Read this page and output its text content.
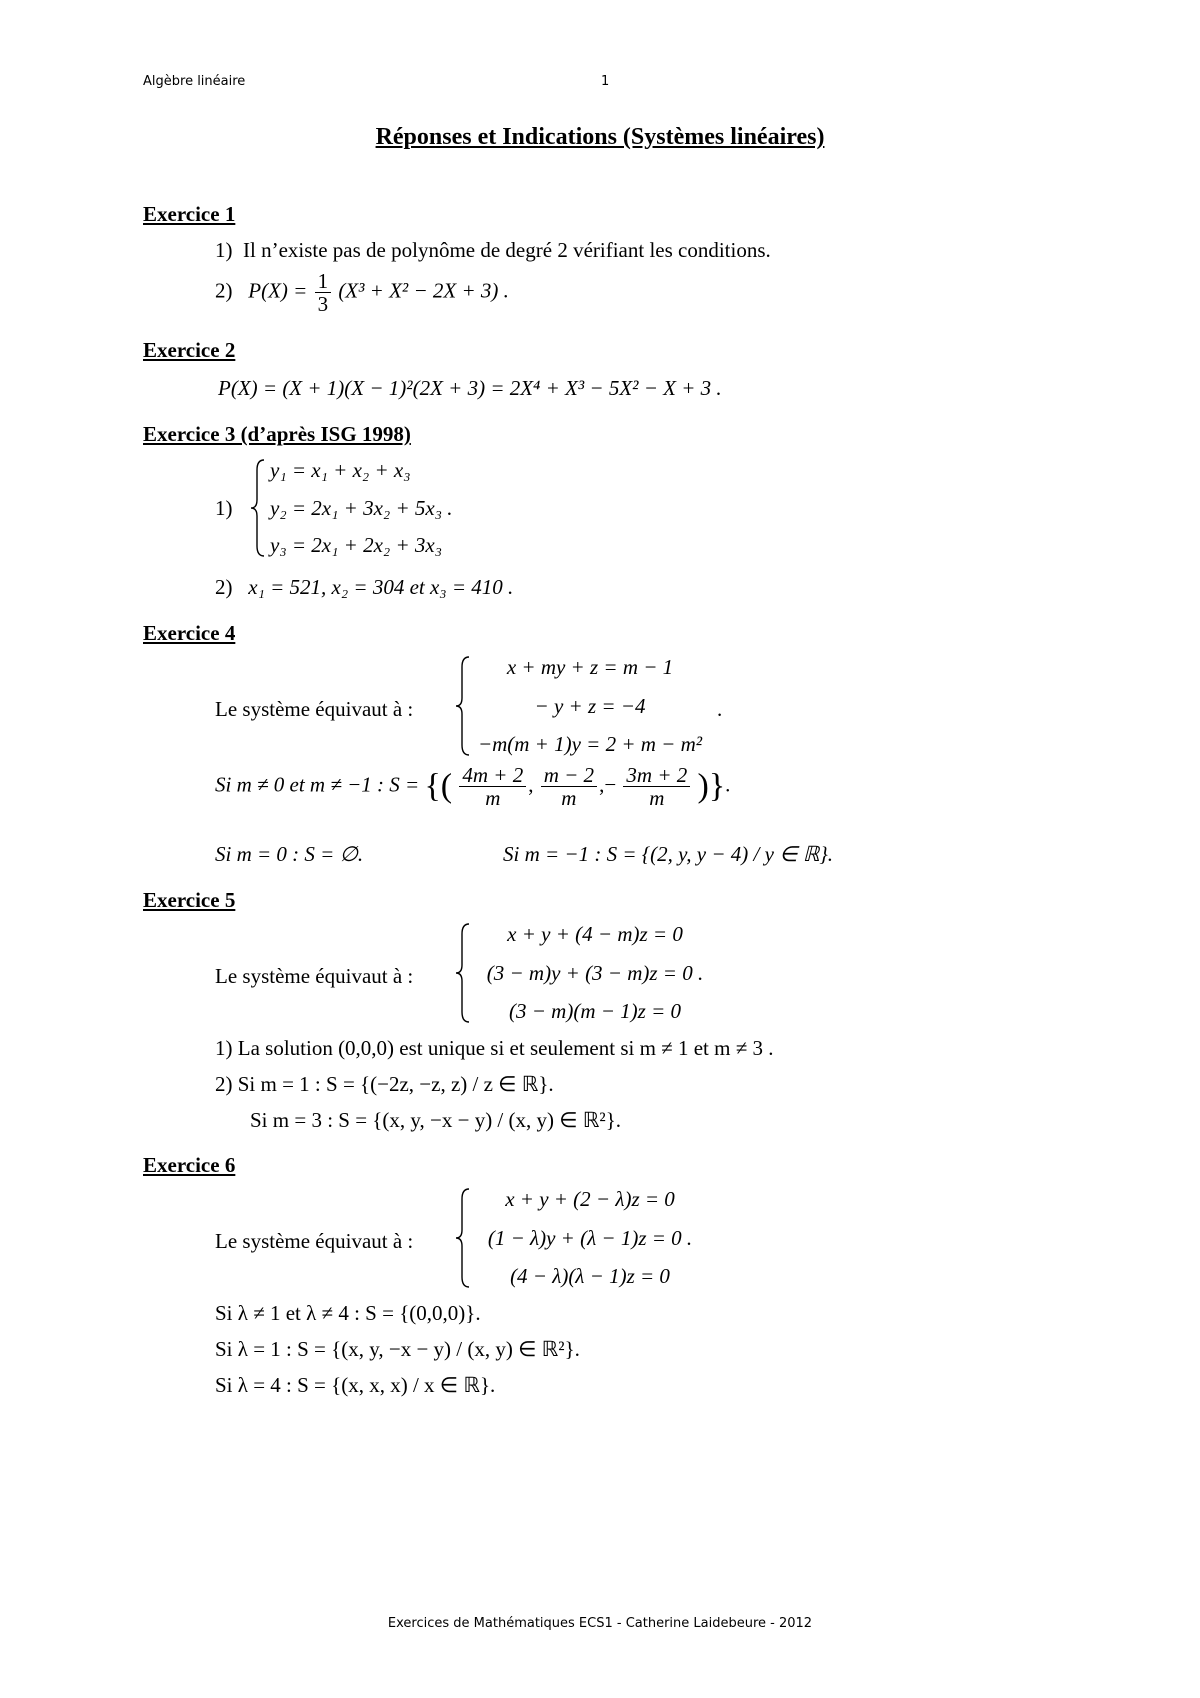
Algèbre linéaire	1
Réponses et Indications (Systèmes linéaires)
Exercice 1
1) Il n’existe pas de polynôme de degré 2 vérifiant les conditions.
2) $P(X) = \frac{1}{3} (X^3 + X^2 - 2X + 3)$ .
Exercice 2
P(X) = (X + 1)(X − 1)²(2X + 3) = 2X⁴ + X³ − 5X² − X + 3 .
Exercice 3 (d’après ISG 1998)
1)
y₁ = x₁ + x₂ + x₃
y₂ = 2x₁ + 3x₂ + 5x₃ .
y₃ = 2x₁ + 2x₂ + 3x₃
2) x₁ = 521, x₂ = 304 et x₃ = 410 .
Exercice 4
Le système équivaut à :
x + my + z = m − 1
− y + z = −4
−m(m + 1)y = 2 + m − m²
.
Si m ≠ 0 et m ≠ −1 : S = {( $\frac{4m + 2}{m}$ , $\frac{m - 2}{m}$ ,− $\frac{3m + 2}{m}$ )}.
Si m = 0 : S = ∅.	Si m = −1 : S = {(2, y, y − 4) / y ∈ ℝ}.
Exercice 5
Le système équivaut à :
x + y + (4 − m)z = 0
(3 − m)y + (3 − m)z = 0 .
(3 − m)(m − 1)z = 0
1) La solution (0,0,0) est unique si et seulement si m ≠ 1 et m ≠ 3 .
2) Si m = 1 : S = {(−2z, −z, z) / z ∈ ℝ}.
Si m = 3 : S = {(x, y, −x − y) / (x, y) ∈ ℝ²}.
Exercice 6
Le système équivaut à :
x + y + (2 − λ)z = 0
(1 − λ)y + (λ − 1)z = 0 .
(4 − λ)(λ − 1)z = 0
Si λ ≠ 1 et λ ≠ 4 : S = {(0,0,0)}.
Si λ = 1 : S = {(x, y, −x − y) / (x, y) ∈ ℝ²}.
Si λ = 4 : S = {(x, x, x) / x ∈ ℝ}.
Exercices de Mathématiques ECS1 - Catherine Laidebeure - 2012
